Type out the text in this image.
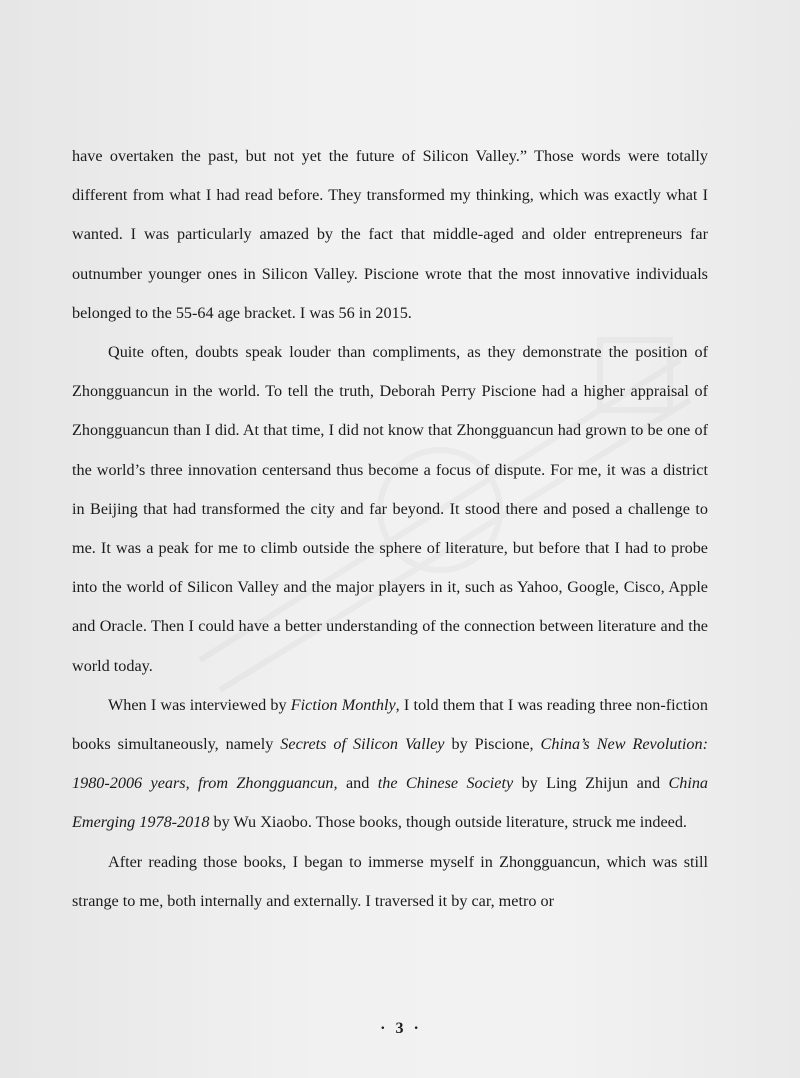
have overtaken the past, but not yet the future of Silicon Valley.” Those words were totally different from what I had read before. They transformed my thinking, which was exactly what I wanted. I was particularly amazed by the fact that middle-aged and older entrepreneurs far outnumber younger ones in Silicon Valley. Piscione wrote that the most innovative individuals belonged to the 55-64 age bracket. I was 56 in 2015.

Quite often, doubts speak louder than compliments, as they demonstrate the position of Zhongguancun in the world. To tell the truth, Deborah Perry Piscione had a higher appraisal of Zhongguancun than I did. At that time, I did not know that Zhongguancun had grown to be one of the world’s three innovation centersand thus become a focus of dispute. For me, it was a district in Beijing that had transformed the city and far beyond. It stood there and posed a challenge to me. It was a peak for me to climb outside the sphere of literature, but before that I had to probe into the world of Silicon Valley and the major players in it, such as Yahoo, Google, Cisco, Apple and Oracle. Then I could have a better understanding of the connection between literature and the world today.

When I was interviewed by Fiction Monthly, I told them that I was reading three non-fiction books simultaneously, namely Secrets of Silicon Valley by Piscione, China’s New Revolution: 1980-2006 years, from Zhongguancun, and the Chinese Society by Ling Zhijun and China Emerging 1978-2018 by Wu Xiaobo. Those books, though outside literature, struck me indeed.

After reading those books, I began to immerse myself in Zhongguancun, which was still strange to me, both internally and externally. I traversed it by car, metro or

· 3 ·
